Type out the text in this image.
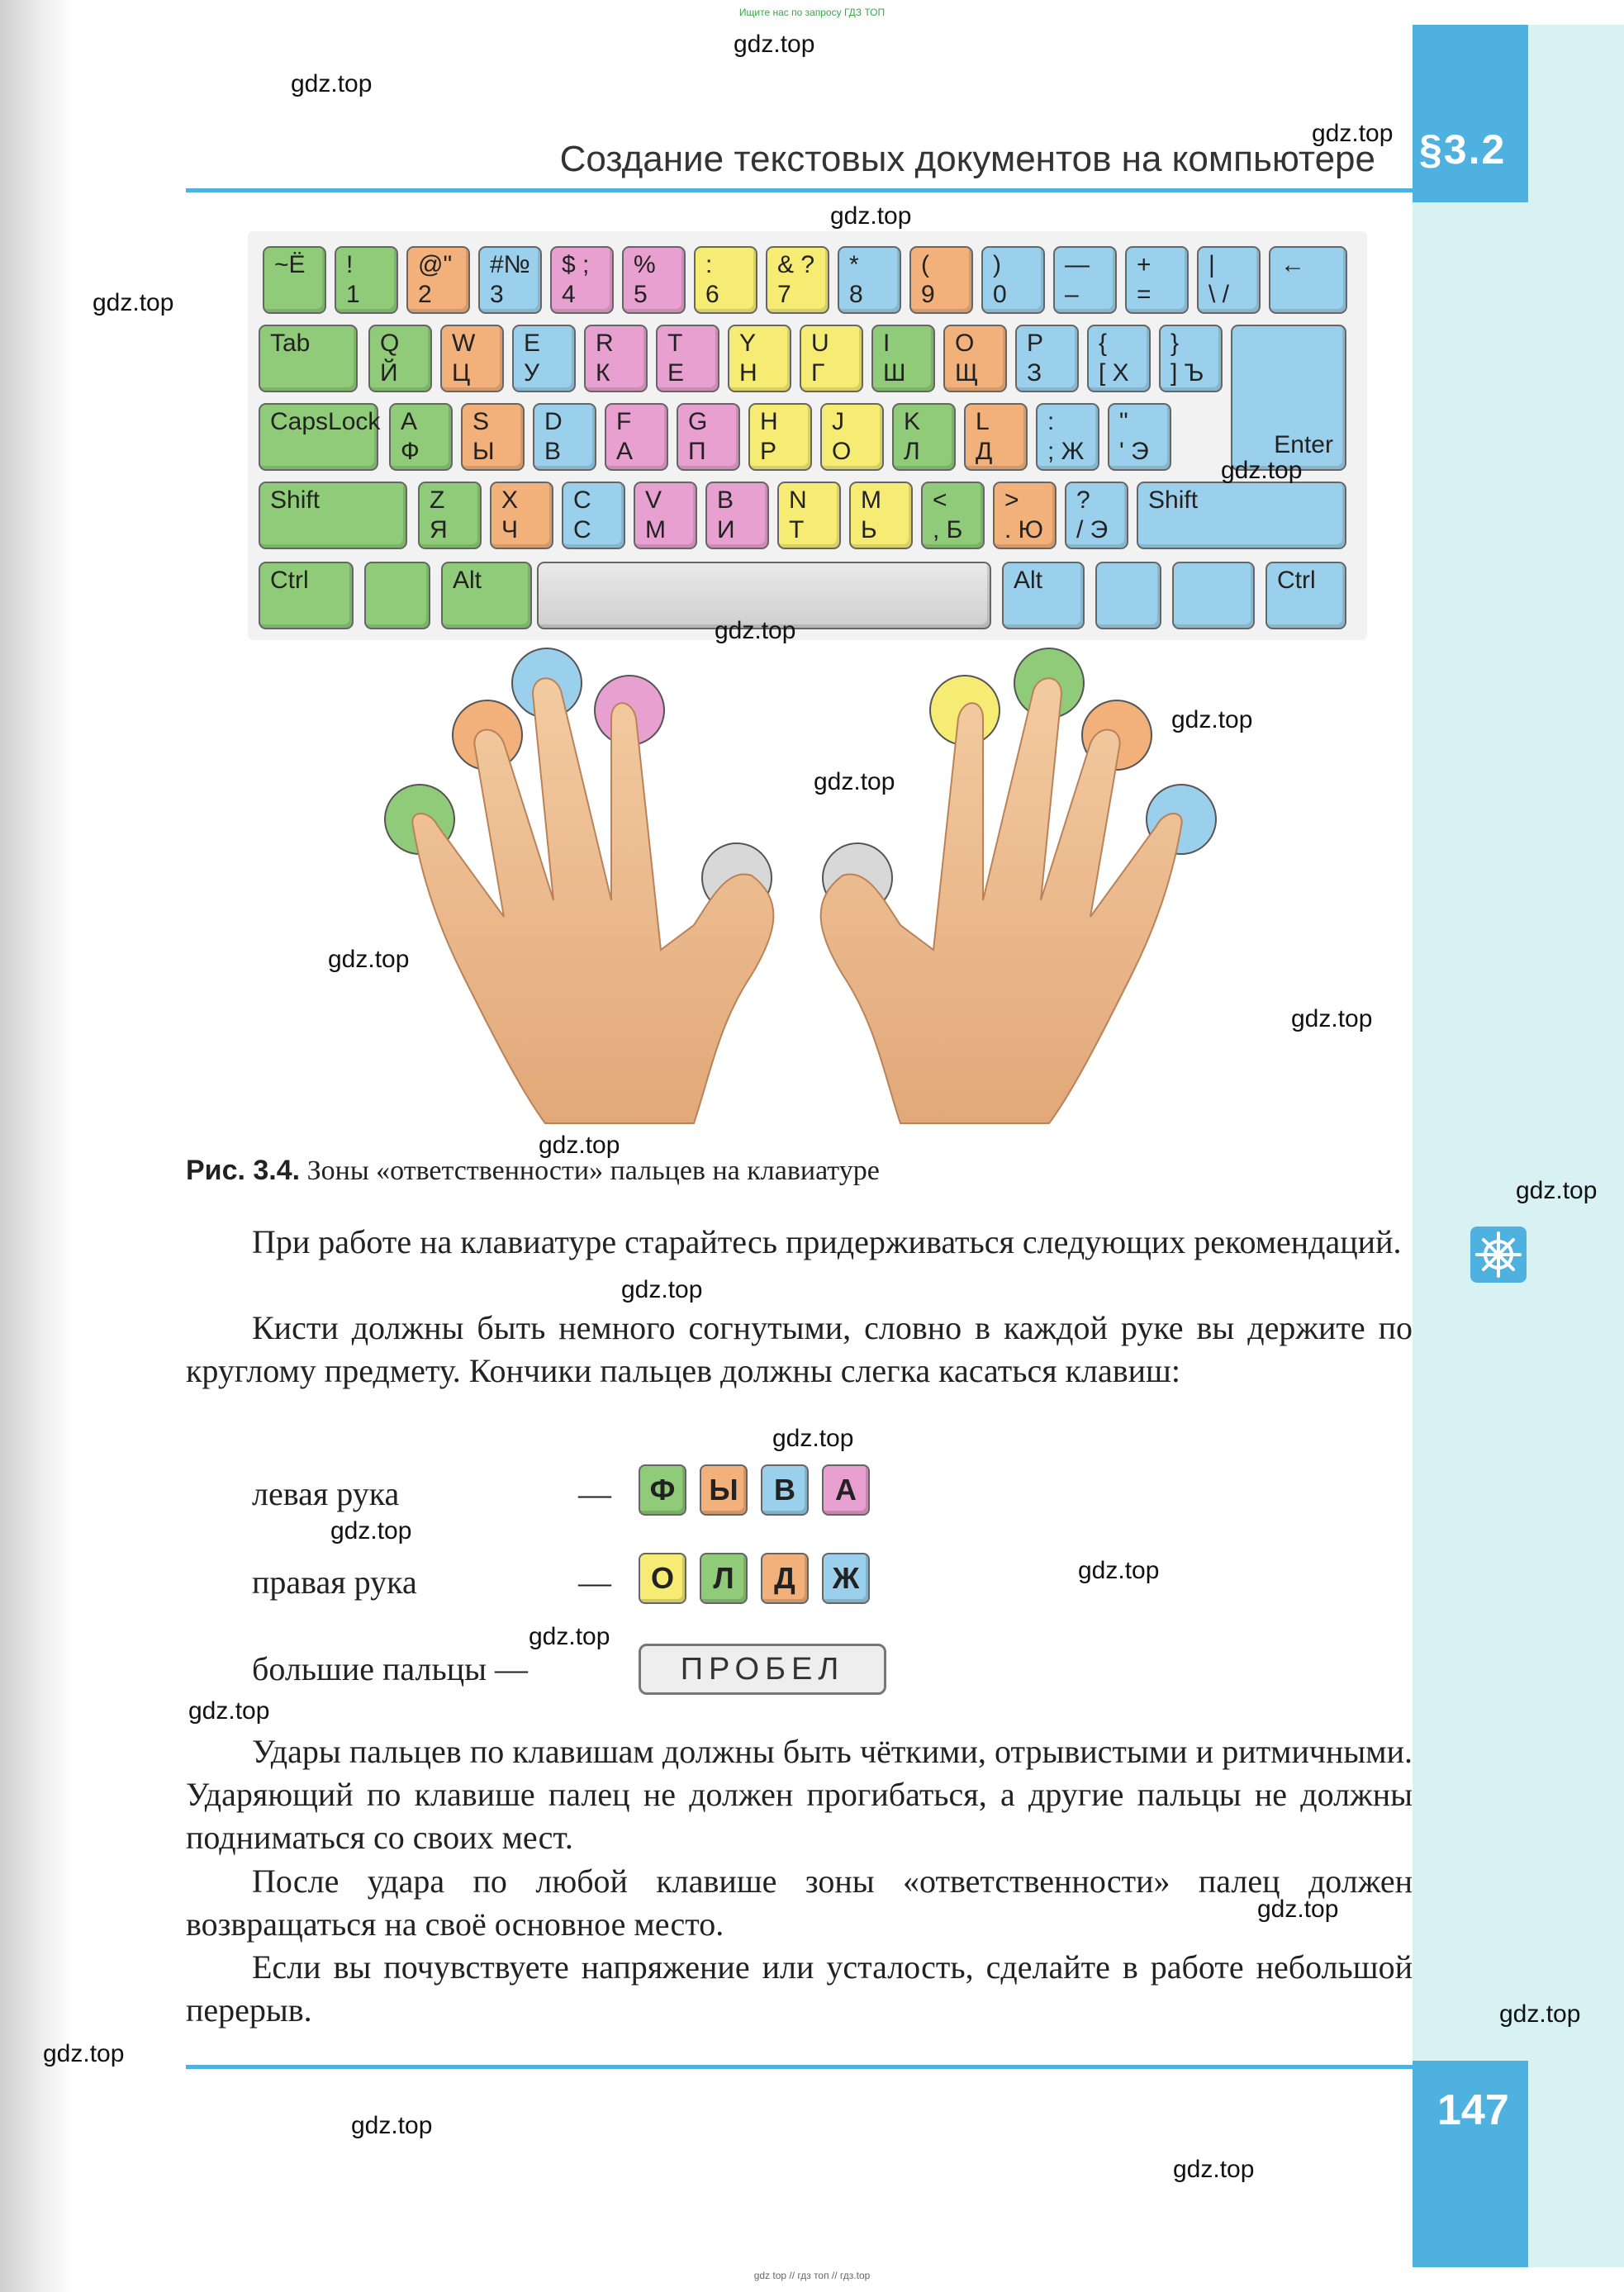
Ищите нас по запросу ГДЗ ТОП
§3.2
Создание текстовых документов на компьютере
~Ё !
1
@"
2
#№
3
$ ;
4
%
5
:
6
& ?
7
*
8
(
9
)
0
—
–
+
=
|
\ /
←
Tab	Q
Й
W
Ц
E
У
R
К
T
Е
Y
Н
U
Г
I
Ш
O
Щ
P
З
{
[ Х
}
] Ъ
CapsLock A
Ф
S
Ы
D
В
F
А
G
П
H
Р
J
О
K
Л
L
Д
:
; Ж
"
' Э
Shift	Z
Я
X
Ч
C
С
V
М
B
И
N
Т
M
Ь
<
, Б
>
. Ю
?
/ Э
Shift
Ctrl	Alt	Alt	Ctrl
Enter
Рис. 3.4. Зоны «ответственности» пальцев на клавиатуре
При работе на клавиатуре старайтесь придерживаться следующих рекомендаций.
Кисти должны быть немного согнутыми, словно в каждой руке вы держите по круглому предмету. Кончики пальцев должны слегка касаться клавиш:
левая рука	—	Ф	Ы	В	А
правая рука	—	О	Л	Д	Ж
большие пальцы —	ПРОБЕЛ
Удары пальцев по клавишам должны быть чёткими, отрывистыми и ритмичными. Ударяющий по клавише палец не должен прогибаться, а другие пальцы не должны подниматься со своих мест.
После удара по любой клавише зоны «ответственности» палец должен возвращаться на своё основное место.
Если вы почувствуете напряжение или усталость, сделайте в работе небольшой перерыв.
147
gdz.top
gdz.top
gdz.top
gdz.top
gdz.top
gdz.top
gdz.top
gdz.top
gdz.top
gdz.top
gdz.top
gdz.top
gdz.top
gdz.top
gdz.top
gdz.top
gdz.top
gdz.top
gdz.top
gdz.top
gdz.top
gdz.top
gdz.top
gdz.top
gdz top // гдз топ // гдз.top
